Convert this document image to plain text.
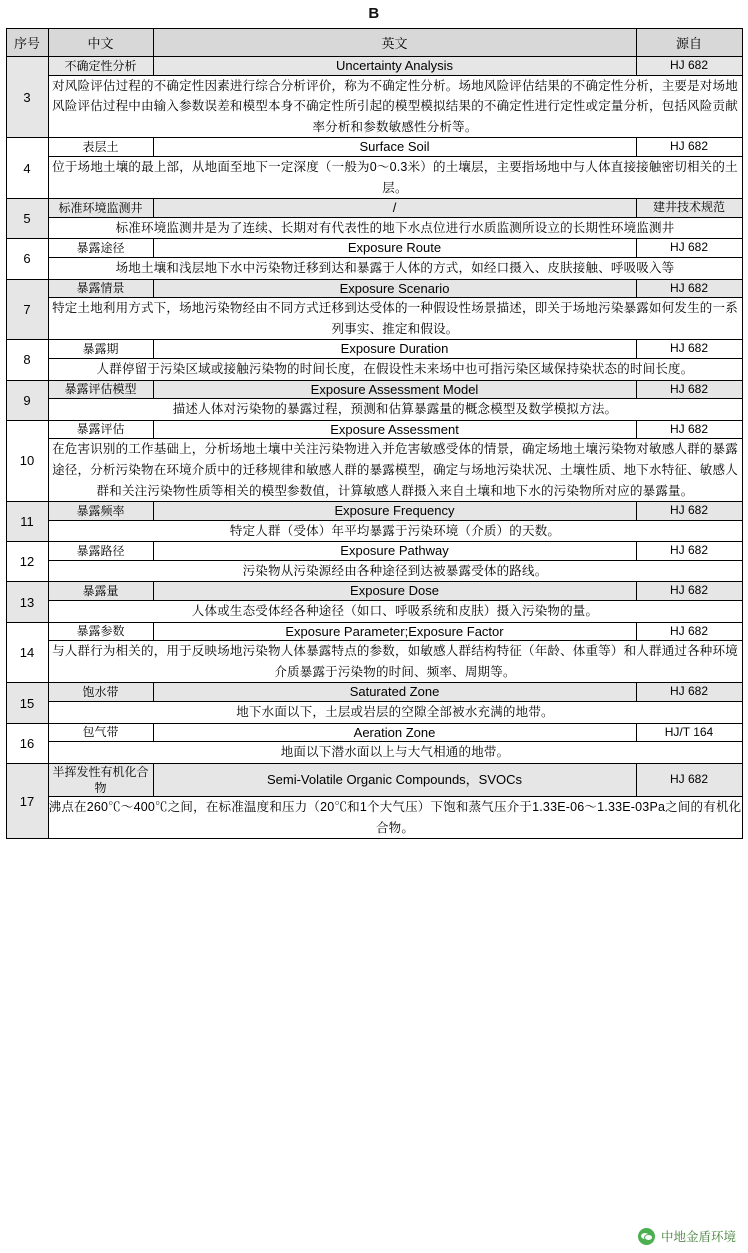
B
序号	中文	英文	源自
3	不确定性分析	Uncertainty Analysis	HJ 682
	对风险评估过程的不确定性因素进行综合分析评价，称为不确定性分析。场地风险评估结果的不确定性分析，主要是对场地风险评估过程中由输入参数误差和模型本身不确定性所引起的模型模拟结果的不确定性进行定性或定量分析，包括风险贡献率分析和参数敏感性分析等。		
4	表层土	Surface Soil	HJ 682
	位于场地土壤的最上部，从地面至地下一定深度（一般为0～0.3米）的土壤层，主要指场地中与人体直接接触密切相关的土层。		
5	标准环境监测井	/	建井技术规范
	标准环境监测井是为了连续、长期对有代表性的地下水点位进行水质监测所设立的长期性环境监测井		
6	暴露途径	Exposure Route	HJ 682
	场地土壤和浅层地下水中污染物迁移到达和暴露于人体的方式，如经口摄入、皮肤接触、呼吸吸入等		
7	暴露情景	Exposure Scenario	HJ 682
	特定土地利用方式下，场地污染物经由不同方式迁移到达受体的一种假设性场景描述，即关于场地污染暴露如何发生的一系列事实、推定和假设。		
8	暴露期	Exposure Duration	HJ 682
	人群停留于污染区域或接触污染物的时间长度，在假设性未来场中也可指污染区域保持染状态的时间长度。		
9	暴露评估模型	Exposure Assessment Model	HJ 682
	描述人体对污染物的暴露过程，预测和估算暴露量的概念模型及数学模拟方法。		
10	暴露评估	Exposure Assessment	HJ 682
	在危害识别的工作基础上，分析场地土壤中关注污染物进入并危害敏感受体的情景，确定场地土壤污染物对敏感人群的暴露途径，分析污染物在环境介质中的迁移规律和敏感人群的暴露模型，确定与场地污染状况、土壤性质、地下水特征、敏感人群和关注污染物性质等相关的模型参数值，计算敏感人群摄入来自土壤和地下水的污染物所对应的暴露量。		
11	暴露频率	Exposure Frequency	HJ 682
	特定人群（受体）年平均暴露于污染环境（介质）的天数。		
12	暴露路径	Exposure Pathway	HJ 682
	污染物从污染源经由各种途径到达被暴露受体的路线。		
13	暴露量	Exposure Dose	HJ 682
	人体或生态受体经各种途径（如口、呼吸系统和皮肤）摄入污染物的量。		
14	暴露参数	Exposure Parameter;Exposure Factor	HJ 682
	与人群行为相关的，用于反映场地污染物人体暴露特点的参数，如敏感人群结构特征（年龄、体重等）和人群通过各种环境介质暴露于污染物的时间、频率、周期等。		
15	饱水带	Saturated Zone	HJ 682
	地下水面以下，土层或岩层的空隙全部被水充满的地带。		
16	包气带	Aeration Zone	HJ/T 164
	地面以下潜水面以上与大气相通的地带。		
17	半挥发性有机化合物	Semi-Volatile Organic Compounds，SVOCs	HJ 682
	沸点在260℃～400℃之间，在标准温度和压力（20℃和1个大气压）下饱和蒸气压介于1.33E-06～1.33E-03Pa之间的有机化合物。		
中地金盾环境
